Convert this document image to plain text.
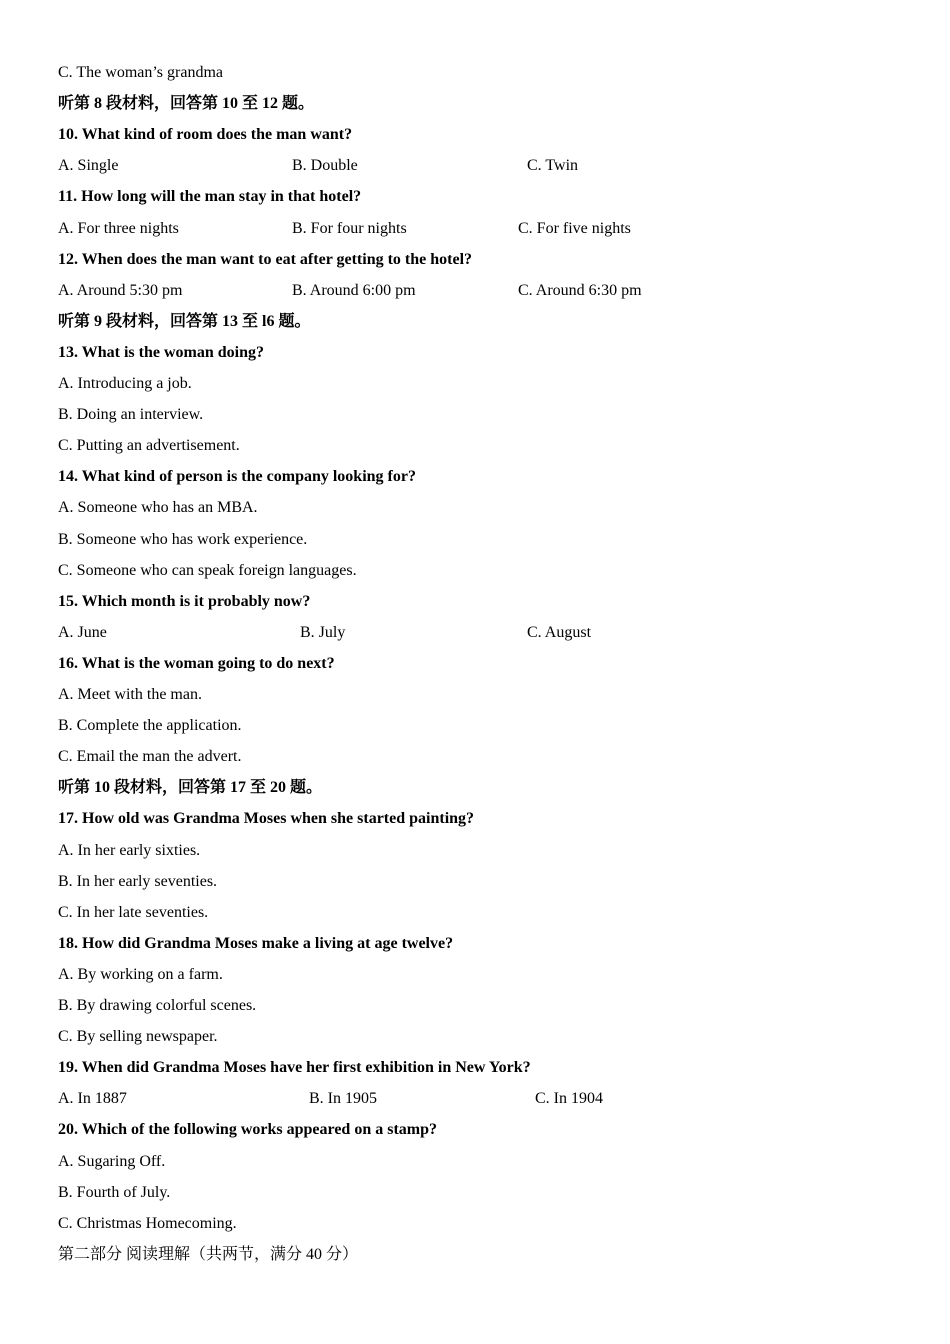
C. The woman’s grandma
听第 8 段材料，回答第 10 至 12 题。
10. What kind of room does the man want?
A. Single	B. Double	C. Twin
11. How long will the man stay in that hotel?
A. For three nights	B. For four nights	C. For five nights
12. When does the man want to eat after getting to the hotel?
A. Around 5:30 pm	B. Around 6:00 pm	C. Around 6:30 pm
听第 9 段材料，回答第 13 至 l6 题。
13. What is the woman doing?
A. Introducing a job.
B. Doing an interview.
C. Putting an advertisement.
14. What kind of person is the company looking for?
A. Someone who has an MBA.
B. Someone who has work experience.
C. Someone who can speak foreign languages.
15. Which month is it probably now?
A. June	B. July	C. August
16. What is the woman going to do next?
A. Meet with the man.
B. Complete the application.
C. Email the man the advert.
听第 10 段材料，回答第 17 至 20 题。
17. How old was Grandma Moses when she started painting?
A. In her early sixties.
B. In her early seventies.
C. In her late seventies.
18. How did Grandma Moses make a living at age twelve?
A. By working on a farm.
B. By drawing colorful scenes.
C. By selling newspaper.
19. When did Grandma Moses have her first exhibition in New York?
A. In 1887	B. In 1905	C. In 1904
20. Which of the following works appeared on a stamp?
A. Sugaring Off.
B. Fourth of July.
C. Christmas Homecoming.
第二部分 阅读理解（共两节，满分 40 分）
